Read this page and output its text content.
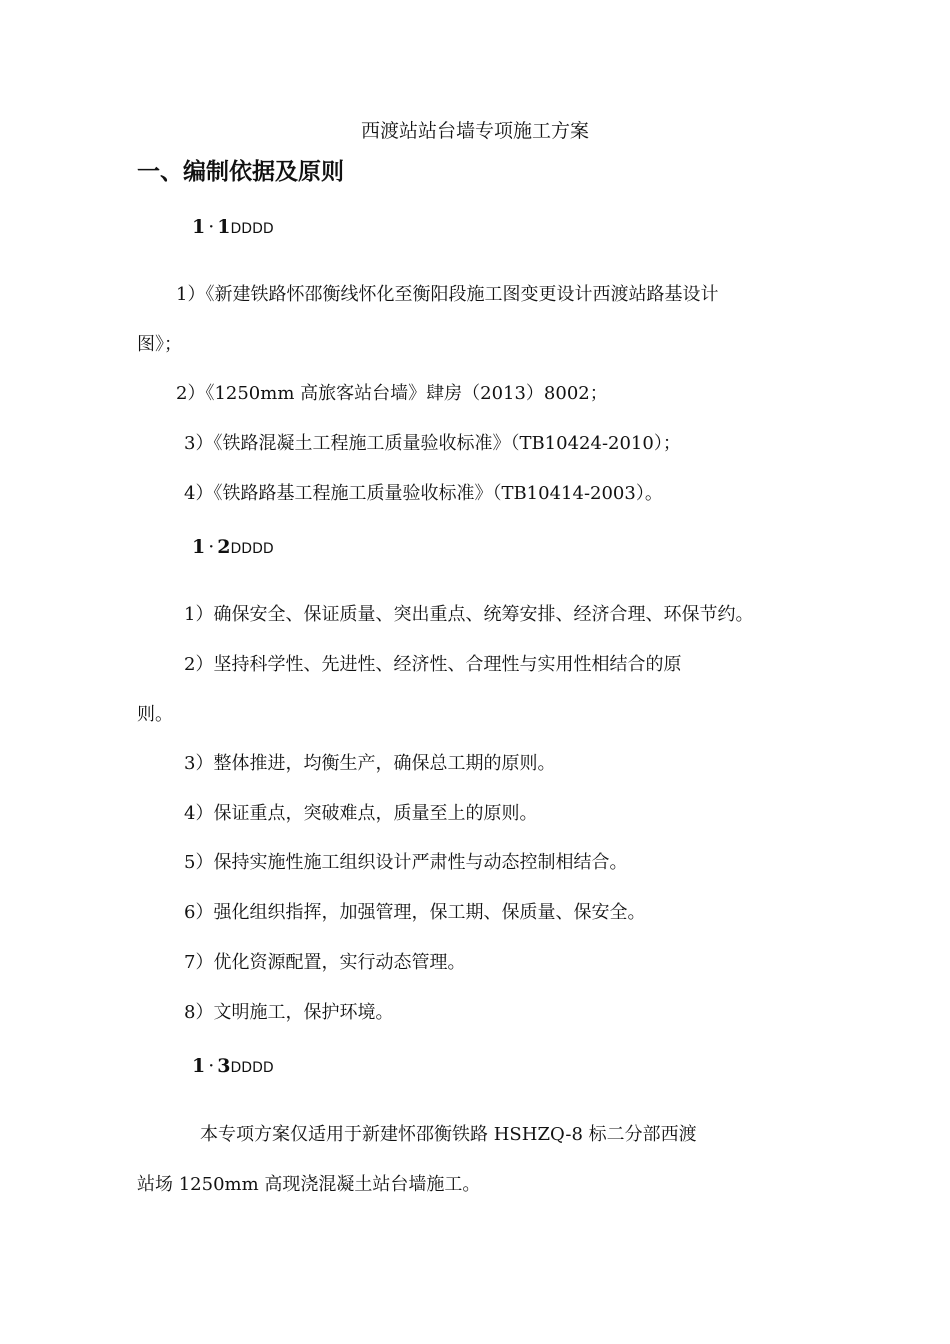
西渡站站台墙专项施工方案
一、编制依据及原则
1 · 1DDDD
1）《新建铁路怀邵衡线怀化至衡阳段施工图变更设计西渡站路基设计
图》；
2）《1250mm 高旅客站台墙》肆房（2013）8002；
3）《铁路混凝土工程施工质量验收标准》（TB10424-2010）；
4）《铁路路基工程施工质量验收标准》（TB10414-2003）。
1 · 2DDDD
1）确保安全、保证质量、突出重点、统筹安排、经济合理、环保节约。
2）坚持科学性、先进性、经济性、合理性与实用性相结合的原
则。
3）整体推进，均衡生产，确保总工期的原则。
4）保证重点，突破难点，质量至上的原则。
5）保持实施性施工组织设计严肃性与动态控制相结合。
6）强化组织指挥，加强管理，保工期、保质量、保安全。
7）优化资源配置，实行动态管理。
8）文明施工，保护环境。
1 · 3DDDD
本专项方案仅适用于新建怀邵衡铁路 HSHZQ-8 标二分部西渡
站场 1250mm 高现浇混凝土站台墙施工。
